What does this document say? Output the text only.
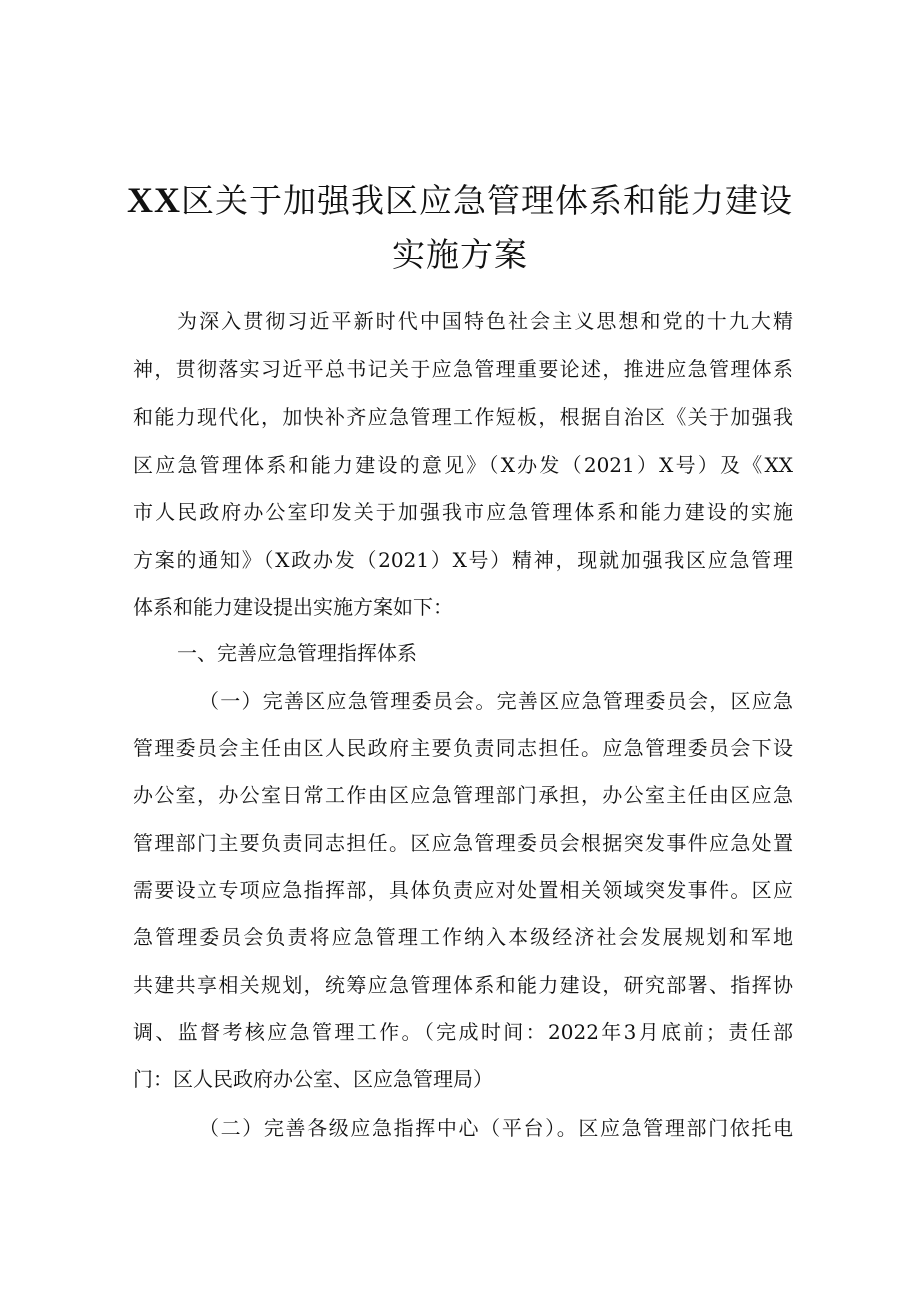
XX区关于加强我区应急管理体系和能力建设
实施方案
为深入贯彻习近平新时代中国特色社会主义思想和党的十九大精
神，贯彻落实习近平总书记关于应急管理重要论述，推进应急管理体系
和能力现代化，加快补齐应急管理工作短板，根据自治区《关于加强我
区应急管理体系和能力建设的意见》（X办发（2021）X号）及《XX
市人民政府办公室印发关于加强我市应急管理体系和能力建设的实施
方案的通知》（X政办发（2021）X号）精神，现就加强我区应急管理
体系和能力建设提出实施方案如下：
一、完善应急管理指挥体系
（一）完善区应急管理委员会。完善区应急管理委员会，区应急
管理委员会主任由区人民政府主要负责同志担任。应急管理委员会下设
办公室，办公室日常工作由区应急管理部门承担，办公室主任由区应急
管理部门主要负责同志担任。区应急管理委员会根据突发事件应急处置
需要设立专项应急指挥部，具体负责应对处置相关领域突发事件。区应
急管理委员会负责将应急管理工作纳入本级经济社会发展规划和军地
共建共享相关规划，统筹应急管理体系和能力建设，研究部署、指挥协
调、监督考核应急管理工作。（完成时间：2022年3月底前；责任部
门：区人民政府办公室、区应急管理局）
（二）完善各级应急指挥中心（平台）。区应急管理部门依托电
